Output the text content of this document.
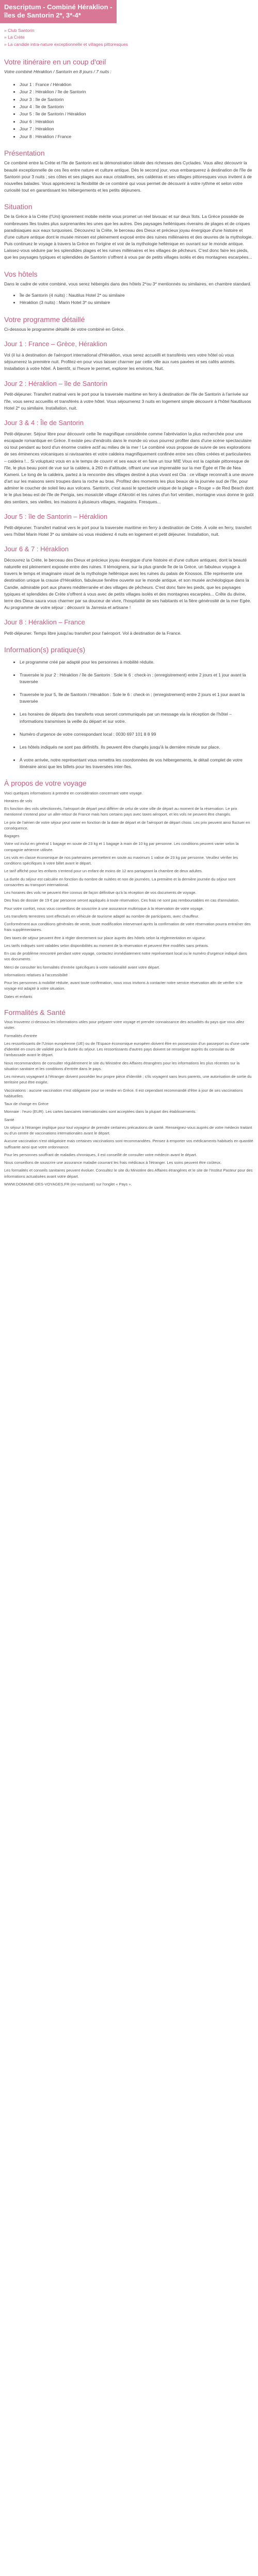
Descriptum - Combiné Héraklion - îles de Santorin 2*, 3*-4*
» Club Santorin
» La Crète
» La candide intra-nature exceptionnelle et villages pittoresques
Votre itinéraire en un coup d'œil

Votre combiné Héraklion / Santorin en 8 jours / 7 nuits :

• Jour 1 : France / Héraklion
• Jour 2 : Héraklion / île de Santorin
• Jour 3 : île de Santorin
• Jour 4 : île de Santorin
• Jour 5 : île de Santorin / Héraklion
• Jour 6 : Héraklion
• Jour 7 : Héraklion
• Jour 8 : Héraklion / France
Présentation

Ce combiné entre la Crète et l'île de Santorin est la démonstration idéale des richesses des Cyclades. Vous allez découvrir la beauté exceptionnelle de ces îles entre nature et culture antique. Dès le second jour, vous embarquerez à destination de l'île de Santorin pour 3 nuits ; ses côtes et ses plages aux eaux cristallines, ses caldeiras et ses villages pittoresques vous invitent à de nouvelles balades. Vous apprécierez la flexibilité de ce combiné qui vous permet de découvrir à votre rythme et selon votre curiosité tout en garantissant les hébergements et les petits déjeuners.

Situation

De la Grèce à la Crète (l'Uni) ignorement mobile mérite vous promet un réel bivouac et sur deux îlots. La Grèce possède de nombreuses îles toutes plus surprenantes les unes que les autres. Des paysages helléniques riverains de plages et de criques paradisiaques aux eaux turquoises. Découvrez la Crète, le berceau des Dieux et précieux joyau énergique d'une histoire et d'une culture antique dont le musée minoen est pleinement exposé entre des ruines millénaires et des œuvres de la mythologie. Puis continuez le voyage à travers la Grèce en l'origine et voir de la mythologie hellénique en ouvrant sur le monde antique. Laissez-vous séduire par les splendides plages et les ruines millénaires et les villages de pêcheurs. C'est donc faire les pieds, que les paysages typiques et splendides de Santorin s'offrent à vous par de petits villages isolés et des montagnes escarpées...

Vos hôtels

Dans le cadre de votre combiné, vous serez hébergés dans des hôtels 2*ou 3* mentionnés ou similaires, en chambre standard.

• Île de Santorin (4 nuits) : Nautilus Hotel 2* ou similaire
• Héraklion (3 nuits) : Marin Hotel 3* ou similaire
Votre programme détaillé

Ci-dessous le programme détaillé de votre combiné en Grèce.

Jour 1 : France – Grèce, Héraklion

Vol (il lui à destination de l'aéroport international d'Héraklion, vous serez accueilli et transférés vers votre hôtel où vous séjournerez la première nuit. Profitez-en pour vous laisser charmer par cette ville aux rues pavées et ses cafés animés. Installation à votre hôtel. À bientôt, si l'heure le permet, explorer les environs, Nuit.

Jour 2 : Héraklion – île de Santorin

Petit-déjeuner. Transfert matinal vers le port pour la traversée maritime en ferry à destination de l'île de Santorin à l'arrivée sur l'île, vous serez accueillis et transférés à votre hôtel. Vous séjournerez 3 nuits en logement simple découvrir à l'hôtel Nautilusos Hotel 2* ou similaire. Installation, nuit.

Jour 3 & 4 : Île de Santorin

Petit-déjeuner. Séjour libre pour découvrir cette île magnifique considérée comme l'abréviation la plus recherchée pour une escapade romantique en Grèce. Il existe peu d'endroits dans le monde où vous pourrez profiter dans d'une scène spectaculaire où tout pendant au bord d'un énorme cratère actif au milieu de la mer ! Le combiné vous propose de suivre de ses explorations de ses éminences volcaniques si ravissantes et votre caldeira magnifiquement confinée entre ses côtes créées et particularées – caldeira !... Si voluptuez vous en a le temps de couvrir et ses eaux et en faire un tour MIE Vous est la capitale pittoresque de l'île, le plus beau point de vue sur la caldera, à 260 m d'altitude, offrant une vue imprenable sur la mer Égée et l'île de Nea Kameni. Le long de la caldeira, partez à la rencontre des villages destiné à plus vivant est Oia : ce village reconnaît à une œuvre d'art sur les maisons semi troupes dans la roche au bras. Profitez des moments les plus beaux de la journée sud de l'île, pour admirer le coucher de soleil lieu aux volcans. Santorin, c'est aussi le spectacle unique de la plage « Rouge » de Red Beach dont le le plus beau est de l'île de Perigia, ses mosaïcité village d'Akrotiri et les ruines d'un fort vénitien, montagne vous donne le goût des sentiers, ses vieilles, les maisons à plusieurs villages, magasins. Fresques...

Jour 5 : île de Santorin – Héraklion

Petit-déjeuner. Transfert matinal vers le port pour la traversée maritime en ferry à destination de Crète. À voile en ferry, transfert vers l'hôtel Marin Hotel 3* ou similaire où vous résiderez 4 nuits en logement et petit déjeuner. Installation, nuit.

Jour 6 & 7 : Héraklion

Découvrez la Crète, le berceau des Dieux et précieux joyau énergique d'une histoire et d'une culture antiques, dont la beauté naturelle est pleinement exposée entre des ruines. Il témoignera, sur la plus grande île de la Grèce, un fabuleux voyage à travers le temps et imaginaire visuel de la mythologie hellénique avec les ruines du palais de Knossos. Elle représente une destination unique la crause d'Héraklion, fabuleuse fenêtre ouverte sur le monde antique, et son musée archéologique dans la Candie, admirable port aux phares méditerranée et des villages de pêcheurs. C'est donc faire les pieds, que les paysages typiques et splendides de Crète s'offrent à vous avec de petits villages isolés et des montagnes escarpées... Crête du divine, terre des Dieux saura vous charmer par sa douceur de vivre, l'hospitalité de ses habitants et la fière générosité de la mer Egée. Au programme de votre séjour : découvrir la Jarresia et artisane !

Jour 8 : Héraklion – France

Petit-déjeuner. Temps libre jusqu'au transfert pour l'aéroport. Vol à destination de la France.

Information(s) pratique(s)
• Le programme créé par adapté pour les personnes à mobilité réduite.
• Traversée le jour 2 : Héraklion / île de Santorin : Sole le 6 : check-in ; (enregistrement) entre 2 jours et 1 jour avant la traversée
• Traversée le jour 5, île de Santorin / Héraklion : Sole le 6 : check-in ; (enregistrement) entre 2 jours et 1 jour avant la traversée
• Les horaires de départs des transferts vous seront communiqués par un message via la réception de l'hôtel – informations transmises la veille du départ et sur votre.
• Numéro d'urgence de votre correspondant local : 0030 697 101 8 8 99
• Les hôtels indiqués ne sont pas définitifs. Ils peuvent être changés jusqu'à la dernière minute sur place.
• À votre arrivée, notre représentant vous remettra les coordonnées de vos hébergements, le détail complet de votre itinéraire ainsi que les billets pour les traversées inter-îles.
À propos de votre voyage

Voici quelques informations à prendre en considération concernant votre voyage.

Horaires de vols

En fonction des vols sélectionnés, l'aéroport de départ peut différer de celui de votre ville de départ au moment de la réservation. Le prix mentionné s'entend pour un aller-retour de France mais hors certains pays avec taxes aéroport, et les vols ne peuvent être changés.

Le prix de l'aérien de votre séjour peut varier en fonction de la date de départ et de l'aéroport de départ choisi. Les prix peuvent ainsi fluctuer en conséquence.

Bagages

Votre vol inclut en général 1 bagage en soute de 23 kg et 1 bagage à main de 10 kg par personne. Les conditions peuvent varier selon la compagnie aérienne utilisée.

Les vols en classe économique de nos partenaires permettent en soute au maximum 1 valise de 23 kg par personne. Veuillez vérifier les conditions spécifiques à votre billet avant le départ.

Le tarif affiché pour les enfants s'entend pour un enfant de moins de 12 ans partageant la chambre de deux adultes.

La durée du séjour est calculée en fonction du nombre de nuitées et non de journées. La première et la dernière journée du séjour sont consacrées au transport international.

Les horaires des vols ne peuvent être connus de façon définitive qu'à la réception de vos documents de voyage.

Des frais de dossier de 19 € par personne seront appliqués à toute réservation. Ces frais ne sont pas remboursables en cas d'annulation.

Pour votre confort, nous vous conseillons de souscrire à une assurance multirisque à la réservation de votre voyage.

Les transferts terrestres sont effectués en véhicule de tourisme adapté au nombre de participants, avec chauffeur.

Conformément aux conditions générales de vente, toute modification intervenant après la confirmation de votre réservation pourra entraîner des frais supplémentaires.

Des taxes de séjour peuvent être à régler directement sur place auprès des hôtels selon la réglementation en vigueur.

Les tarifs indiqués sont valables selon disponibilités au moment de la réservation et peuvent être modifiés sans préavis.

En cas de problème rencontré pendant votre voyage, contactez immédiatement notre représentant local ou le numéro d'urgence indiqué dans vos documents.

Merci de consulter les formalités d'entrée spécifiques à votre nationalité avant votre départ.

Informations relatives à l'accessibilité

Pour les personnes à mobilité réduite, avant toute confirmation, nous vous invitons à contacter notre service réservation afin de vérifier si le voyage est adapté à votre situation.

Dates et enfants

Formalités & Santé

Vous trouverez ci-dessous les informations utiles pour préparer votre voyage et prendre connaissance des actualités du pays que vous allez visiter.

Formalités d'entrée

Les ressortissants de l'Union européenne (UE) ou de l'Espace économique européen doivent être en possession d'un passeport ou d'une carte d'identité en cours de validité pour la durée du séjour. Les ressortissants d'autres pays doivent se renseigner auprès du consulat ou de l'ambassade avant le départ.

Nous recommandons de consulter régulièrement le site du Ministère des Affaires étrangères pour les informations les plus récentes sur la situation sanitaire et les conditions d'entrée dans le pays.

Les mineurs voyageant à l'étranger doivent posséder leur propre pièce d'identité ; s'ils voyagent sans leurs parents, une autorisation de sortie du territoire peut être exigée.

Vaccinations : aucune vaccination n'est obligatoire pour se rendre en Grèce. Il est cependant recommandé d'être à jour de ses vaccinations habituelles.

Taux de change en Grèce

Monnaie : l'euro (EUR). Les cartes bancaires internationales sont acceptées dans la plupart des établissements.

Santé

Un séjour à l'étranger implique pour tout voyageur de prendre certaines précautions de santé. Renseignez-vous auprès de votre médecin traitant ou d'un centre de vaccinations internationales avant le départ.

Aucune vaccination n'est obligatoire mais certaines vaccinations sont recommandées. Pensez à emporter vos médicaments habituels en quantité suffisante ainsi que votre ordonnance.

Pour les personnes souffrant de maladies chroniques, il est conseillé de consulter votre médecin avant le départ.

Nous conseillons de souscrire une assurance maladie couvrant les frais médicaux à l'étranger. Les soins peuvent être coûteux.

Les formalités et conseils sanitaires peuvent évoluer. Consultez le site du Ministère des Affaires étrangères et le site de l'Institut Pasteur pour des informations actualisées avant votre départ.

WWW.DOMAINE-DES-VOYAGES.FR (ex-vos/santé) sur l'onglet « Pays ».
